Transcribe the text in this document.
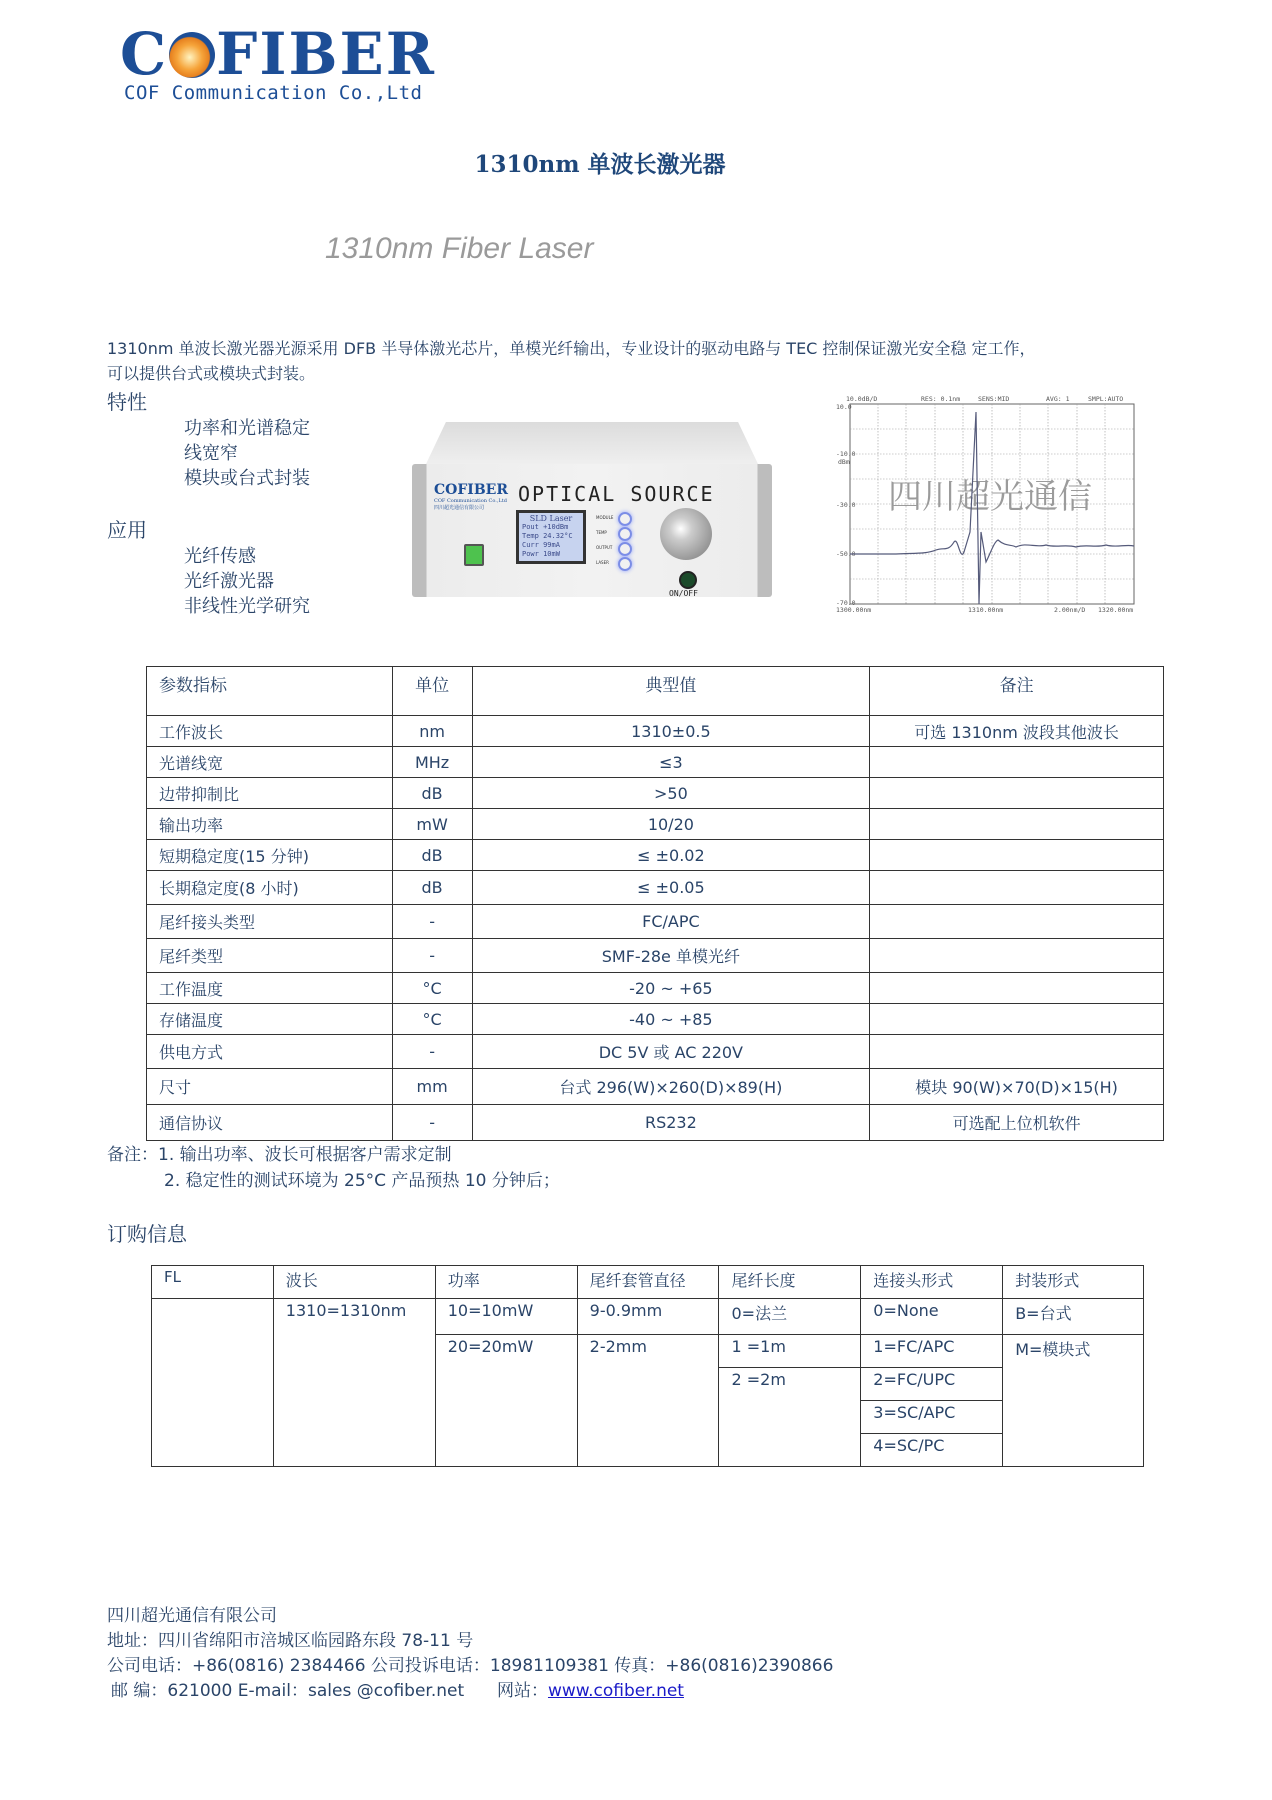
C FIBER
COF Communication Co.,Ltd
1310nm 单波长激光器
1310nm Fiber Laser
1310nm 单波长激光器光源采用 DFB 半导体激光芯片，单模光纤输出，专业设计的驱动电路与 TEC 控制保证激光安全稳 定工作，
可以提供台式或模块式封装。
特性
功率和光谱稳定
线宽窄
模块或台式封装
应用
光纤传感
光纤激光器
非线性光学研究
COFIBER
COF Communication Co.,Ltd
四川超光通信有限公司
OPTICAL SOURCE
SLD Laser
Pout +10dBm
Temp 24.32°C
Curr 99mA
Powr 10mW
MODULE
TEMP
OUTPUT
LASER
ON/OFF
10.0dB/D	RES: 0.1nm	SENS:MID	AVG: 1	SMPL:AUTO
10.0
-10.0
dBm
-30.0
-50.0
-70.0
1300.00nm	1310.00nm	2.00nm/D 1320.00nm
四川超光通信
参数指标	单位	典型值	备注
工作波长	nm	1310±0.5	可选 1310nm 波段其他波长
光谱线宽	MHz	≤3	
边带抑制比	dB	>50	
输出功率	mW	10/20	
短期稳定度(15 分钟)	dB	≤ ±0.02	
长期稳定度(8 小时)	dB	≤ ±0.05	
尾纤接头类型	-	FC/APC	
尾纤类型	-	SMF-28e 单模光纤	
工作温度	°C	-20 ~ +65	
存储温度	°C	-40 ~ +85	
供电方式	-	DC 5V 或 AC 220V	
尺寸	mm	台式 296(W)×260(D)×89(H)	模块 90(W)×70(D)×15(H)
通信协议	-	RS232	可选配上位机软件
备注：1. 输出功率、波长可根据客户需求定制
2. 稳定性的测试环境为 25°C 产品预热 10 分钟后；
订购信息
FL	波长	功率	尾纤套管直径	尾纤长度	连接头形式	封装形式
	1310=1310nm	10=10mW	9-0.9mm	0=法兰	0=None	B=台式
		20=20mW	2-2mm	1 =1m	1=FC/APC	M=模块式
				2 =2m	2=FC/UPC	
					3=SC/APC	
					4=SC/PC	
四川超光通信有限公司
地址：四川省绵阳市涪城区临园路东段 78-11 号
公司电话：+86(0816) 2384466 公司投诉电话：18981109381 传真：+86(0816)2390866
邮 编：621000 E-mail：sales @cofiber.net 网站：www.cofiber.net
